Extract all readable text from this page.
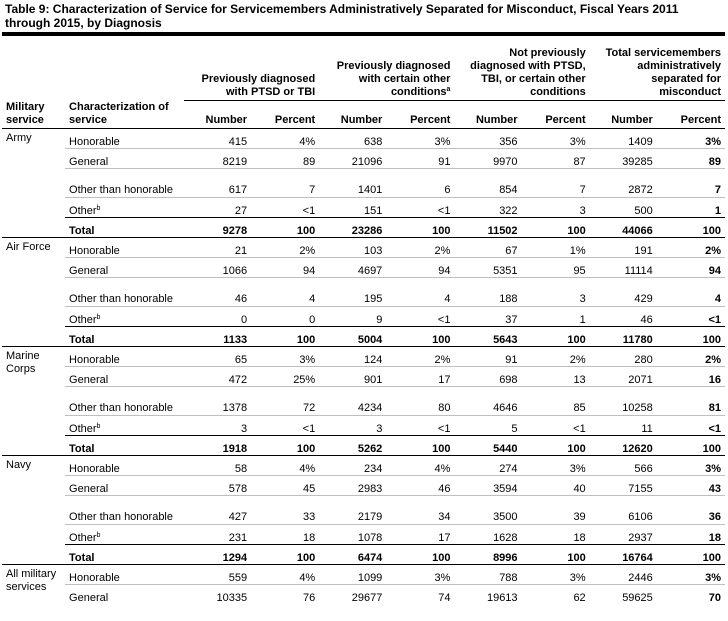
Table 9: Characterization of Service for Servicemembers Administratively Separated for Misconduct, Fiscal Years 2011 through 2015, by Diagnosis
		Previously diagnosed with PTSD or TBI		Previously diagnosed with certain other conditions$^a$		Not previously diagnosed with PTSD, TBI, or certain other conditions		Total servicemembers administratively separated for misconduct	
Military service	Characterization of service	Number	Percent	Number	Percent	Number	Percent	Number	Percent
Army	Honorable	415	4%	638	3%	356	3%	1409	3%
	General	8219	89	21096	91	9970	87	39285	89
	Other than honorable	617	7	1401	6	854	7	2872	7
	Other$^b$	27	<1	151	<1	322	3	500	1
	Total	9278	100	23286	100	11502	100	44066	100
Air Force	Honorable	21	2%	103	2%	67	1%	191	2%
	General	1066	94	4697	94	5351	95	11114	94
	Other than honorable	46	4	195	4	188	3	429	4
	Other$^b$	0	0	9	<1	37	1	46	<1
	Total	1133	100	5004	100	5643	100	11780	100
Marine Corps	Honorable	65	3%	124	2%	91	2%	280	2%
	General	472	25%	901	17	698	13	2071	16
	Other than honorable	1378	72	4234	80	4646	85	10258	81
	Other$^b$	3	<1	3	<1	5	<1	11	<1
	Total	1918	100	5262	100	5440	100	12620	100
Navy	Honorable	58	4%	234	4%	274	3%	566	3%
	General	578	45	2983	46	3594	40	7155	43
	Other than honorable	427	33	2179	34	3500	39	6106	36
	Other$^b$	231	18	1078	17	1628	18	2937	18
	Total	1294	100	6474	100	8996	100	16764	100
All military services	Honorable	559	4%	1099	3%	788	3%	2446	3%
	General	10335	76	29677	74	19613	62	59625	70
